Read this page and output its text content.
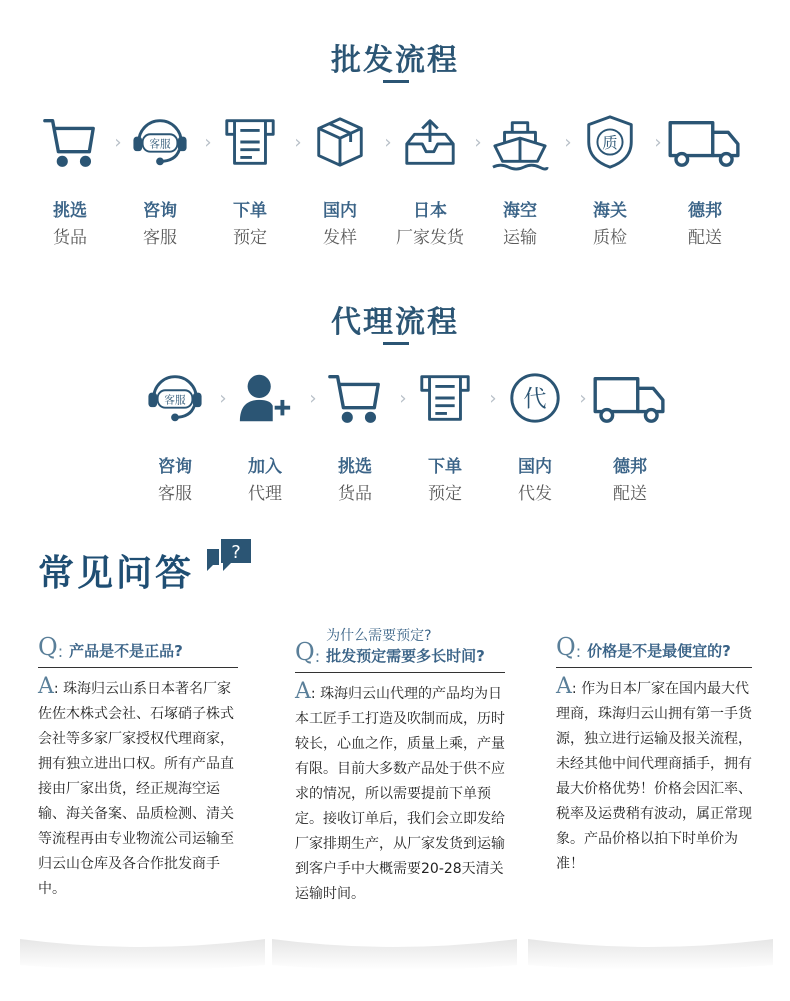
批发流程
›
挑选
货品
客服 ›
咨询
客服
›
下单
预定
›
国内
发样
›
日本
厂家发货
›
海空
运输
质 ›
海关
质检
德邦
配送
代理流程
客服 ›
咨询
客服
›
加入
代理
›
挑选
货品
›
下单
预定
代 ›
国内
代发
德邦
配送
常见问答
?
Q : 产品是不是正品?
A: 珠海归云山系日本著名厂家佐佐木株式会社、石塚硝子株式会社等多家厂家授权代理商家，拥有独立进出口权。所有产品直接由厂家出货，经正规海空运输、海关备案、品质检测、清关等流程再由专业物流公司运输至归云山仓库及各合作批发商手中。
Q :
为什么需要预定?
批发预定需要多长时间?
A: 珠海归云山代理的产品均为日本工匠手工打造及吹制而成，历时较长，心血之作，质量上乘，产量有限。目前大多数产品处于供不应求的情况，所以需要提前下单预定。接收订单后，我们会立即发给厂家排期生产，从厂家发货到运输到客户手中大概需要20-28天清关运输时间。
Q : 价格是不是最便宜的?
A: 作为日本厂家在国内最大代理商，珠海归云山拥有第一手货源，独立进行运输及报关流程，未经其他中间代理商插手，拥有最大价格优势！价格会因汇率、税率及运费稍有波动，属正常现象。产品价格以拍下时单价为准！
